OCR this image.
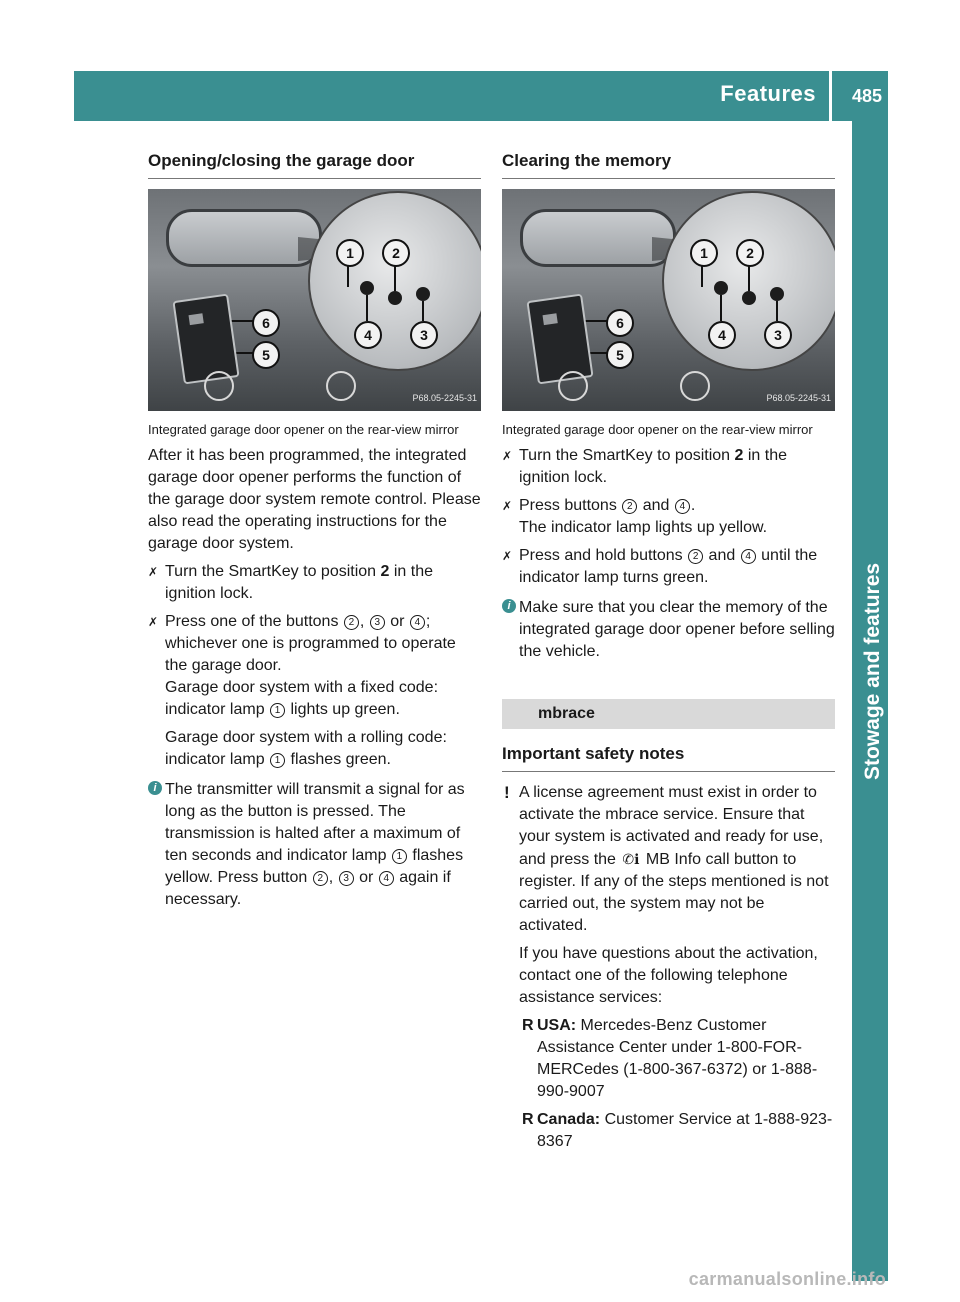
Features 485
Stowage and features
Opening/closing the garage door
1	2
3
4
5
6
P68.05-2245-31
Integrated garage door opener on the rear-view mirror

After it has been programmed, the integrated garage door opener performs the function of the garage door system remote control. Please also read the operating instructions for the garage door system.

✗ Turn the SmartKey to position 2 in the ignition lock.
✗ Press one of the buttons 2 , 3 or 4 ; whichever one is programmed to operate the garage door.
Garage door system with a fixed code: indicator lamp 1 lights up green.
Garage door system with a rolling code: indicator lamp 1 flashes green.
i The transmitter will transmit a signal for as long as the button is pressed. The transmission is halted after a maximum of ten seconds and indicator lamp 1 flashes yellow. Press button 2 , 3 or 4 again if necessary.
Clearing the memory
1	2
3
4
5
6
P68.05-2245-31
Integrated garage door opener on the rear-view mirror
✗ Turn the SmartKey to position 2 in the ignition lock.
✗ Press buttons 2 and 4 .
The indicator lamp lights up yellow.
✗ Press and hold buttons 2 and 4 until the indicator lamp turns green.
i Make sure that you clear the memory of the integrated garage door opener before selling the vehicle.
mbrace
Important safety notes
! A license agreement must exist in order to activate the mbrace service. Ensure that your system is activated and ready for use, and press the ✆ℹ MB Info call button to register. If any of the steps mentioned is not carried out, the system may not be activated.
If you have questions about the activation, contact one of the following telephone assistance services:
R USA: Mercedes-Benz Customer Assistance Center under 1-800-FOR-MERCedes (1-800-367-6372) or 1-888-990-9007
R Canada: Customer Service at 1-888-923-8367
carmanualsonline.info
